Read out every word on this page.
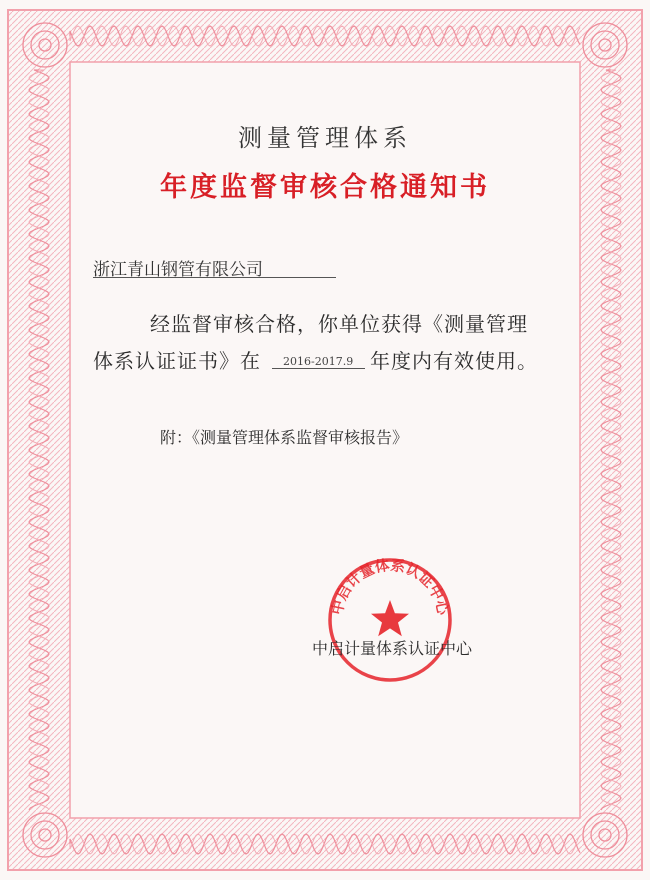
测量管理体系
年度监督审核合格通知书
浙江青山钢管有限公司
经监督审核合格，你单位获得《测量管理
体系认证证书》在 2016-2017.9 年度内有效使用。
附：《测量管理体系监督审核报告》
中启计量体系认证中心
中启计量体系认证中心
